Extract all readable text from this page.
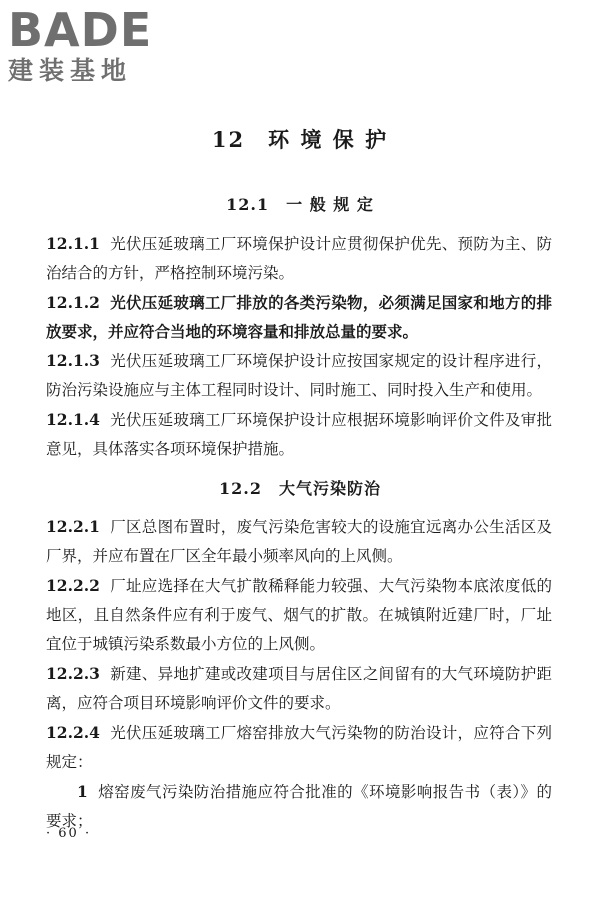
BADE
建装基地
12　环 境 保 护
12.1　一 般 规 定

12.1.1 光伏压延玻璃工厂环境保护设计应贯彻保护优先、预防为主、防治结合的方针，严格控制环境污染。

12.1.2 光伏压延玻璃工厂排放的各类污染物，必须满足国家和地方的排放要求，并应符合当地的环境容量和排放总量的要求。

12.1.3 光伏压延玻璃工厂环境保护设计应按国家规定的设计程序进行，防治污染设施应与主体工程同时设计、同时施工、同时投入生产和使用。

12.1.4 光伏压延玻璃工厂环境保护设计应根据环境影响评价文件及审批意见，具体落实各项环境保护措施。

12.2　大气污染防治

12.2.1 厂区总图布置时，废气污染危害较大的设施宜远离办公生活区及厂界，并应布置在厂区全年最小频率风向的上风侧。

12.2.2 厂址应选择在大气扩散稀释能力较强、大气污染物本底浓度低的地区，且自然条件应有利于废气、烟气的扩散。在城镇附近建厂时，厂址宜位于城镇污染系数最小方位的上风侧。

12.2.3 新建、异地扩建或改建项目与居住区之间留有的大气环境防护距离，应符合项目环境影响评价文件的要求。

12.2.4 光伏压延玻璃工厂熔窑排放大气污染物的防治设计，应符合下列规定：

1 熔窑废气污染防治措施应符合批准的《环境影响报告书（表）》的要求；

· 60 ·
